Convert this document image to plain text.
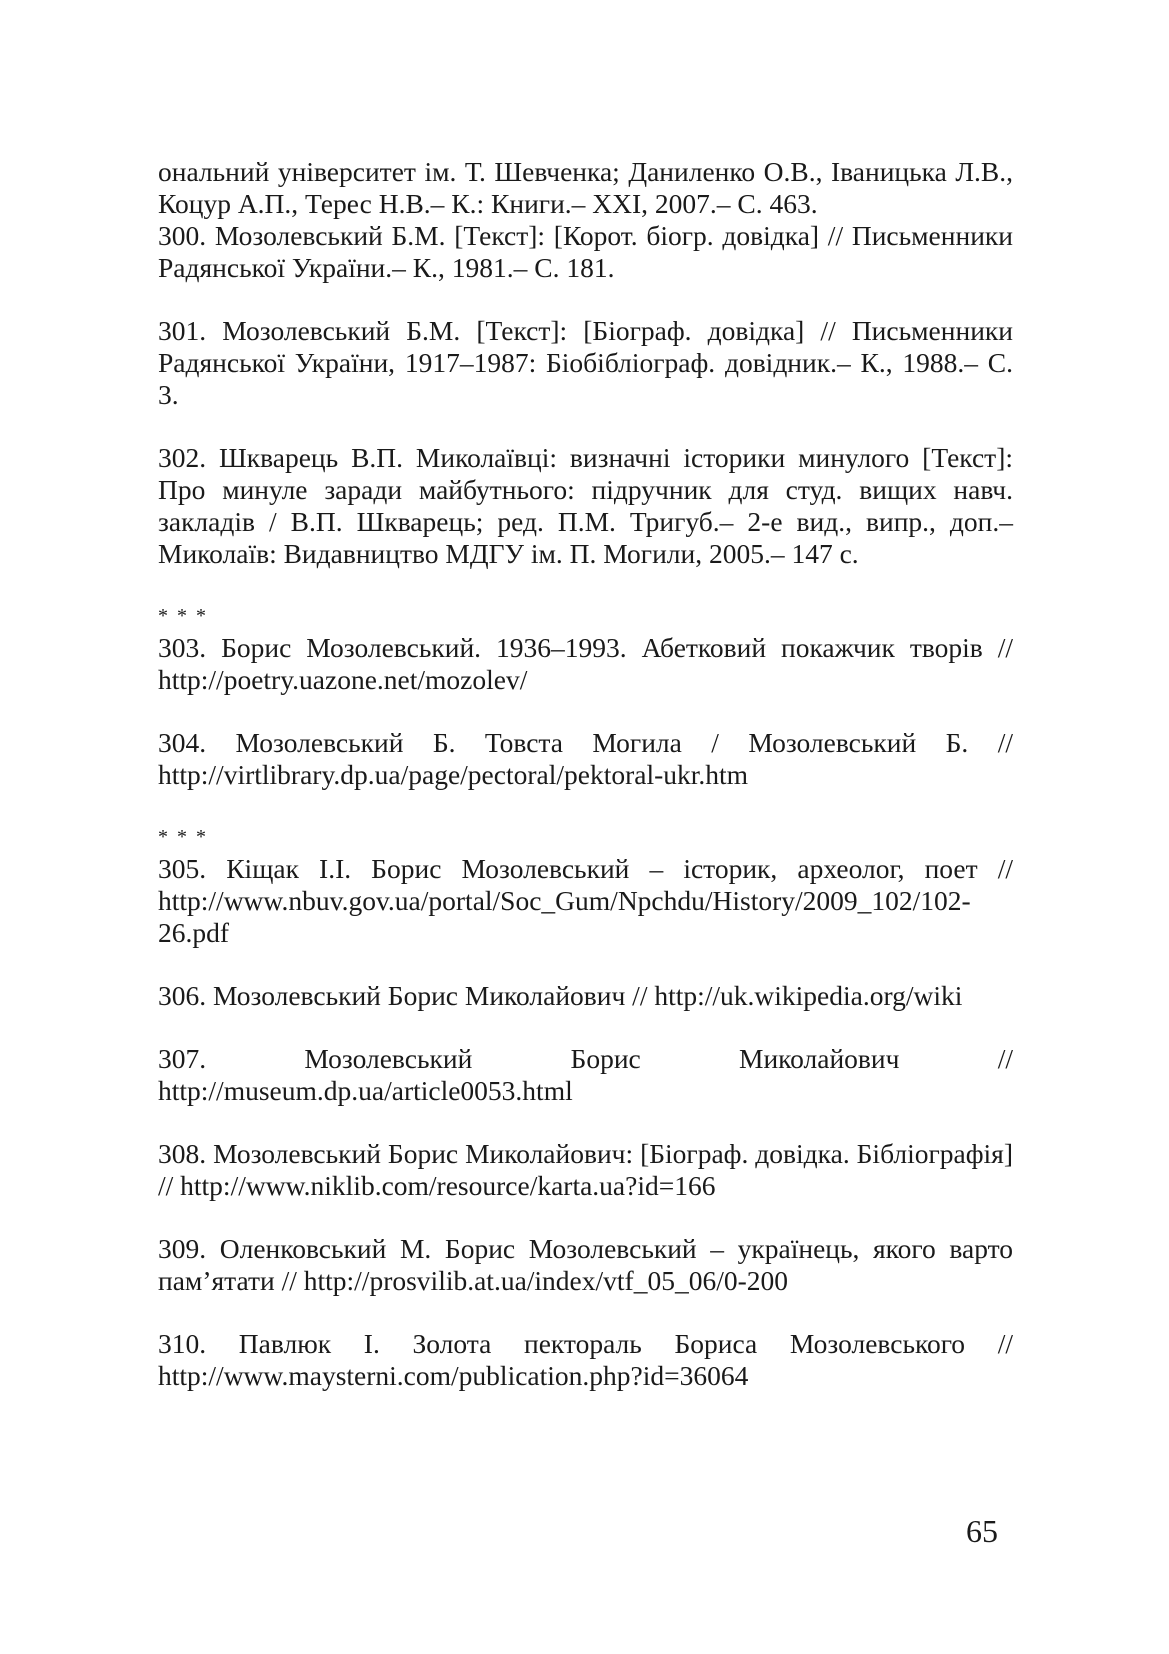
ональний університет ім. Т. Шевченка; Даниленко О.В., Іваницька Л.В., Коцур А.П., Терес Н.В.– К.: Книги.– ХХІ, 2007.– С. 463.

300. Мозолевський Б.М. [Текст]: [Корот. біогр. довідка] // Письменники Радянської України.– К., 1981.– С. 181.

301. Мозолевський Б.М. [Текст]: [Біограф. довідка] // Письменники Радянської України, 1917–1987: Біобібліограф. довідник.– К., 1988.– С. 3.

302. Шкварець В.П. Миколаївці: визначні історики минулого [Текст]: Про минуле заради майбутнього: підручник для студ. вищих навч. закладів / В.П. Шкварець; ред. П.М. Тригуб.– 2-е вид., випр., доп.– Миколаїв: Видавництво МДГУ ім. П. Могили, 2005.– 147 с.

* * *

303. Борис Мозолевський. 1936–1993. Абетковий покажчик творів // http://poetry.uazone.net/mozolev/

304. Мозолевський Б. Товста Могила / Мозолевський Б. // http://virtlibrary.dp.ua/page/pectoral/pektoral-ukr.htm

* * *

305. Кіщак І.І. Борис Мозолевський – історик, археолог, поет // http://www.nbuv.gov.ua/portal/Soc_Gum/Npchdu/History/2009_102/102-26.pdf

306. Мозолевський Борис Миколайович // http://uk.wikipedia.org/wiki

307. Мозолевський Борис Миколайович // http://museum.dp.ua/article0053.html

308. Мозолевський Борис Миколайович: [Біограф. довідка. Бібліографія] // http://www.niklib.com/resource/karta.ua?id=166

309. Оленковський М. Борис Мозолевський – українець, якого варто пам’ятати // http://prosvilib.at.ua/index/vtf_05_06/0-200

310. Павлюк І. Золота пектораль Бориса Мозолевського // http://www.maysterni.com/publication.php?id=36064

65
